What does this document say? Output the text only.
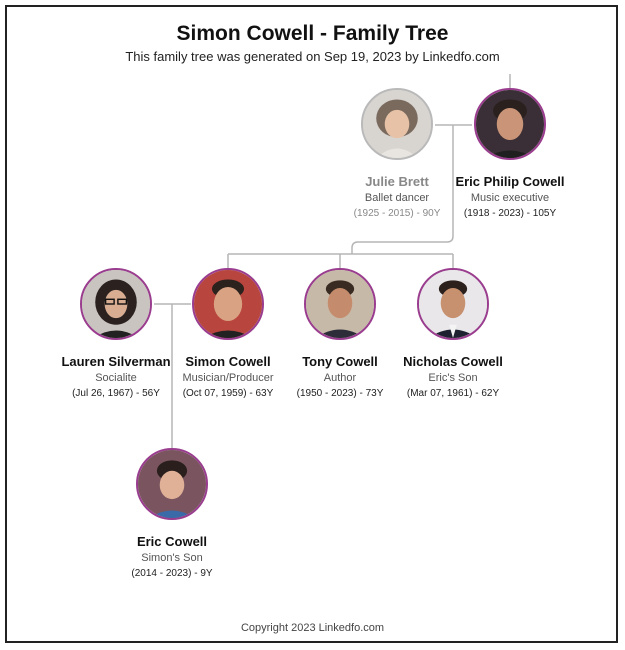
Simon Cowell - Family Tree
This family tree was generated on Sep 19, 2023 by Linkedfo.com
Julie Brett
Ballet dancer
(1925 - 2015) - 90Y
Eric Philip Cowell
Music executive
(1918 - 2023) - 105Y
Lauren Silverman
Socialite
(Jul 26, 1967) - 56Y
Simon Cowell
Musician/Producer
(Oct 07, 1959) - 63Y
Tony Cowell
Author
(1950 - 2023) - 73Y
Nicholas Cowell
Eric's Son
(Mar 07, 1961) - 62Y
Eric Cowell
Simon's Son
(2014 - 2023) - 9Y
Copyright 2023 Linkedfo.com
